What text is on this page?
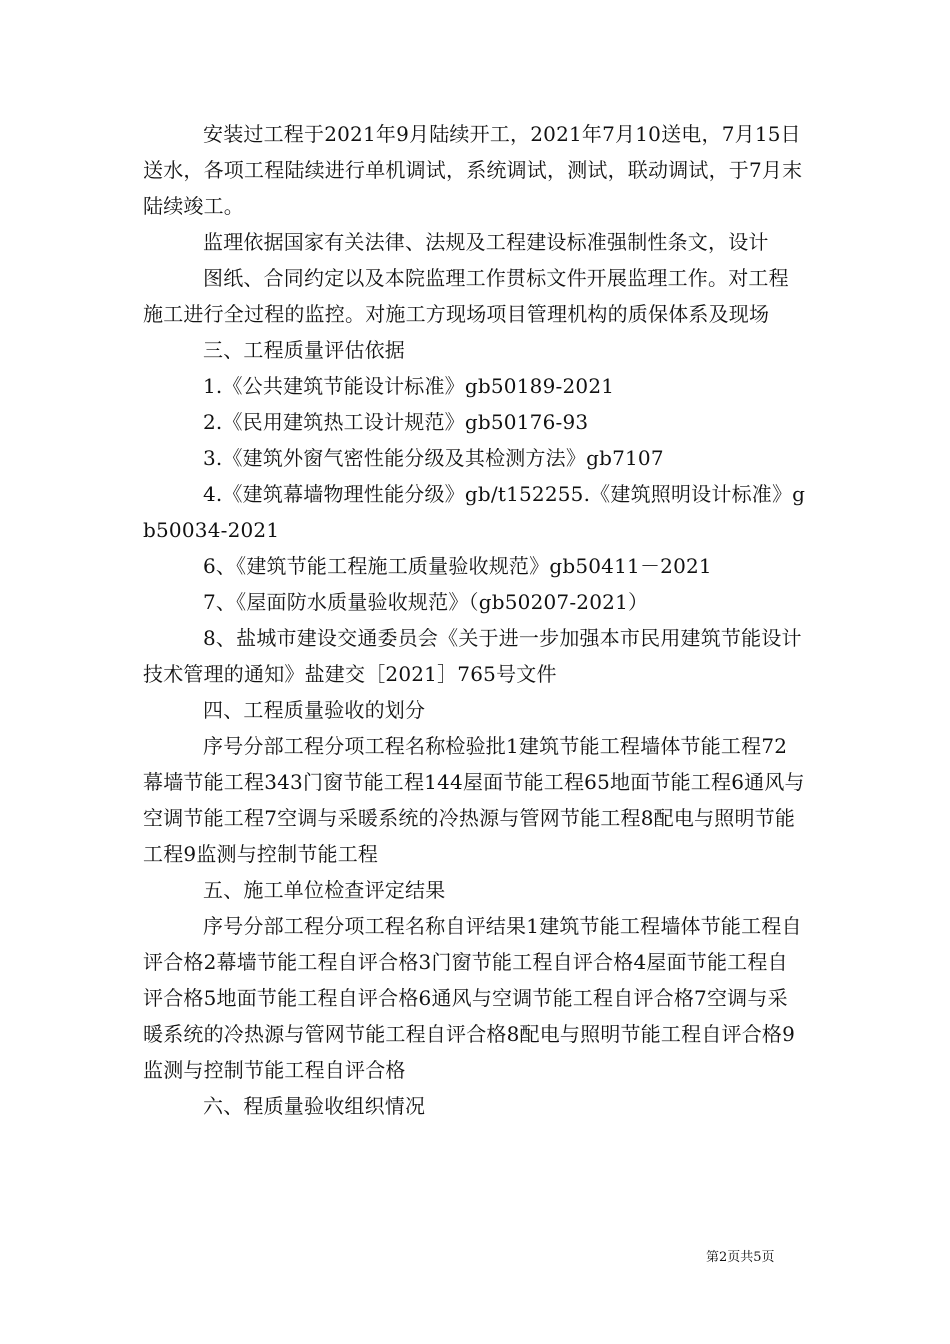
安装过工程于2021年9月陆续开工，2021年7月10送电，7月15日送水，各项工程陆续进行单机调试，系统调试，测试，联动调试，于7月末陆续竣工。

监理依据国家有关法律、法规及工程建设标准强制性条文，设计

图纸、合同约定以及本院监理工作贯标文件开展监理工作。对工程施工进行全过程的监控。对施工方现场项目管理机构的质保体系及现场

三、工程质量评估依据

1.《公共建筑节能设计标准》gb50189-2021

2.《民用建筑热工设计规范》gb50176-93

3.《建筑外窗气密性能分级及其检测方法》gb7107

4.《建筑幕墙物理性能分级》gb/t152255.《建筑照明设计标准》gb50034-2021

6、《建筑节能工程施工质量验收规范》gb50411－2021

7、《屋面防水质量验收规范》（gb50207-2021）

8、盐城市建设交通委员会《关于进一步加强本市民用建筑节能设计技术管理的通知》盐建交［2021］765号文件

四、工程质量验收的划分

序号分部工程分项工程名称检验批1建筑节能工程墙体节能工程72幕墙节能工程343门窗节能工程144屋面节能工程65地面节能工程6通风与空调节能工程7空调与采暖系统的冷热源与管网节能工程8配电与照明节能工程9监测与控制节能工程

五、施工单位检查评定结果

序号分部工程分项工程名称自评结果1建筑节能工程墙体节能工程自评合格2幕墙节能工程自评合格3门窗节能工程自评合格4屋面节能工程自评合格5地面节能工程自评合格6通风与空调节能工程自评合格7空调与采暖系统的冷热源与管网节能工程自评合格8配电与照明节能工程自评合格9监测与控制节能工程自评合格

六、程质量验收组织情况

第2页共5页
